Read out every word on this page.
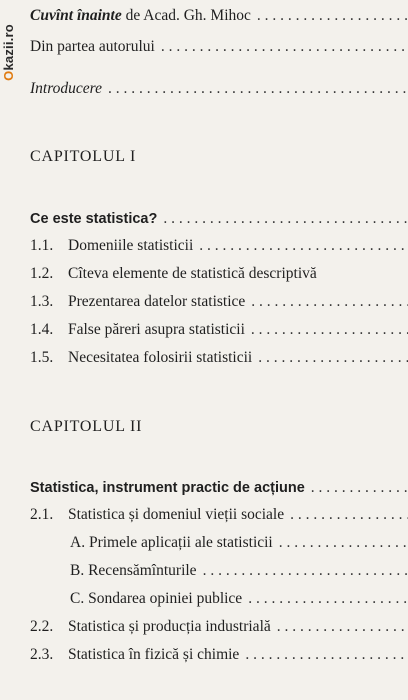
Okazii.ro
Cuvînt înainte de Acad. Gh. Mihoc
. . .
Din partea autorului
. . .
Introducere
. . .
CAPITOLUL I
Ce este statistica?
. . .
1.1. Domeniile statisticii
. . .
1.2. Cîteva elemente de statistică descriptivă
1.3. Prezentarea datelor statistice
. . .
1.4. False păreri asupra statisticii
. . .
1.5. Necesitatea folosirii statisticii
. . .
CAPITOLUL II
Statistica, instrument practic de acțiune
. . .
2.1. Statistica și domeniul vieții sociale
. . .
A. Primele aplicații ale statisticii
. . .
B. Recensămînturile
. . .
C. Sondarea opiniei publice
. . .
2.2. Statistica și producția industrială
. . .
2.3. Statistica în fizică și chimie
. . .
